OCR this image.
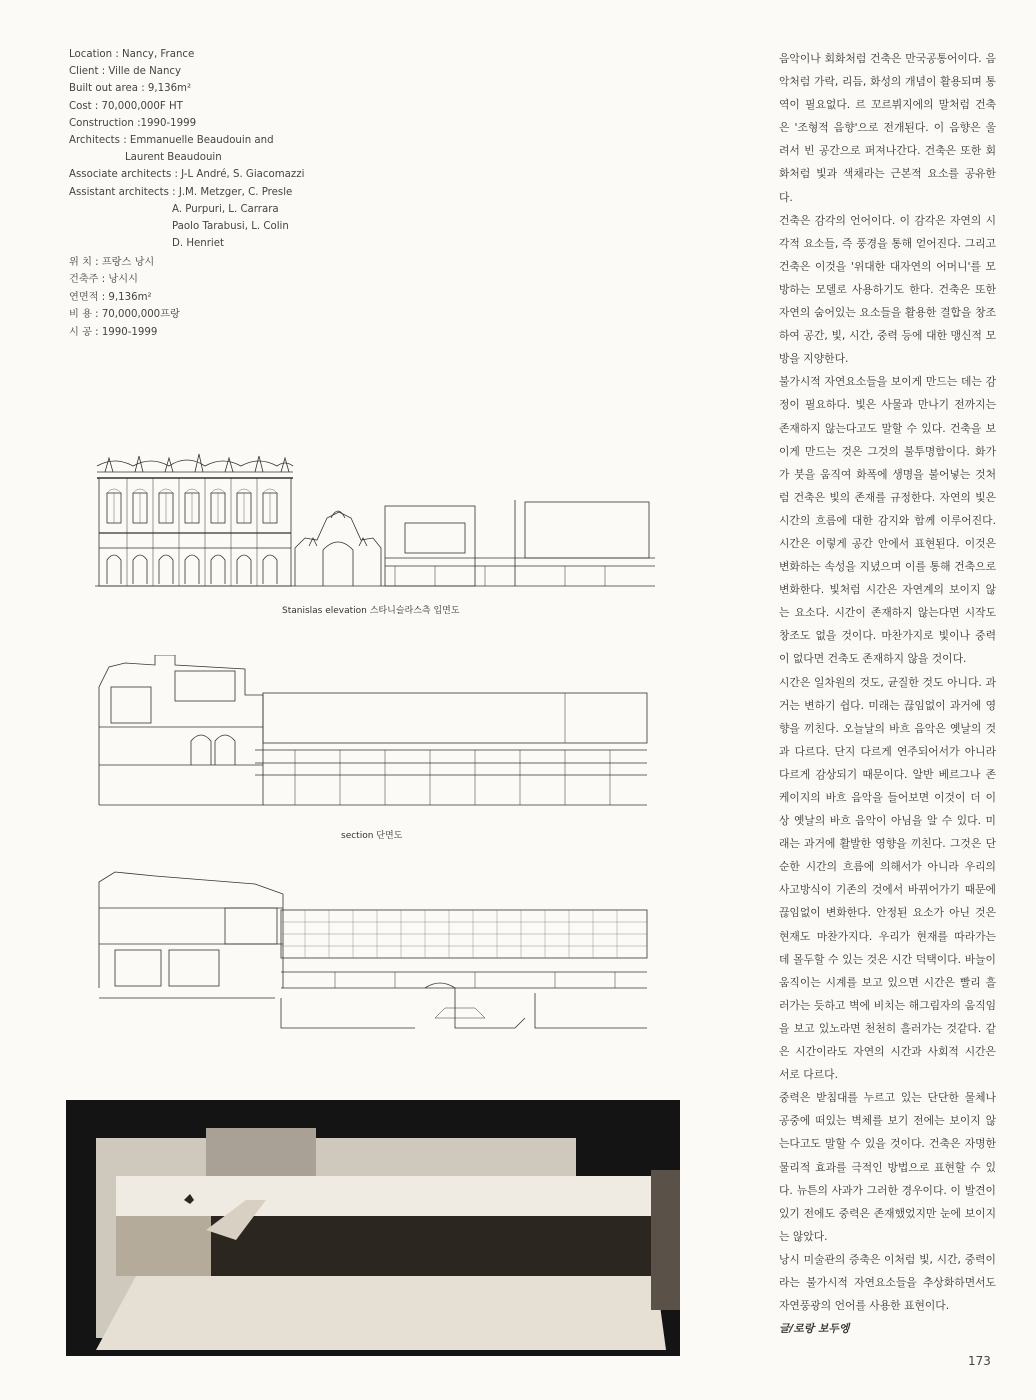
Location : Nancy, France
Client : Ville de Nancy
Built out area : 9,136m²
Cost : 70,000,000F HT
Construction :1990-1999
Architects : Emmanuelle Beaudouin and
Laurent Beaudouin
Associate architects : J-L André, S. Giacomazzi
Assistant architects : J.M. Metzger, C. Presle
A. Purpuri, L. Carrara
Paolo Tarabusi, L. Colin
D. Henriet
위 치 : 프랑스 낭시
건축주 : 낭시시
연면적 : 9,136m²
비 용 : 70,000,000프랑
시 공 : 1990-1999
Stanislas elevation 스타니슬라스측 입면도
section 단면도

음악이나 회화처럼 건축은 만국공통어이다. 음악처럼 가락, 리듬, 화성의 개념이 활용되며 통역이 필요없다. 르 꼬르뷔지에의 말처럼 건축은 '조형적 음향'으로 전개된다. 이 음향은 울려서 빈 공간으로 퍼져나간다. 건축은 또한 회화처럼 빛과 색채라는 근본적 요소를 공유한다.

건축은 감각의 언어이다. 이 감각은 자연의 시각적 요소들, 즉 풍경을 통해 얻어진다. 그리고 건축은 이것을 '위대한 대자연의 어머니'를 모방하는 모델로 사용하기도 한다. 건축은 또한 자연의 숨어있는 요소들을 활용한 결합을 창조하여 공간, 빛, 시간, 중력 등에 대한 맹신적 모방을 지양한다.

불가시적 자연요소들을 보이게 만드는 데는 감정이 필요하다. 빛은 사물과 만나기 전까지는 존재하지 않는다고도 말할 수 있다. 건축을 보이게 만드는 것은 그것의 불투명함이다. 화가가 붓을 움직여 화폭에 생명을 불어넣는 것처럼 건축은 빛의 존재를 규정한다. 자연의 빛은 시간의 흐름에 대한 감지와 함께 이루어진다. 시간은 이렇게 공간 안에서 표현된다. 이것은 변화하는 속성을 지녔으며 이를 통해 건축으로 변화한다. 빛처럼 시간은 자연계의 보이지 않는 요소다. 시간이 존재하지 않는다면 시작도 창조도 없을 것이다. 마찬가지로 빛이나 중력이 없다면 건축도 존재하지 않을 것이다.

시간은 일차원의 것도, 균질한 것도 아니다. 과거는 변하기 쉽다. 미래는 끊임없이 과거에 영향을 끼친다. 오늘날의 바흐 음악은 옛날의 것과 다르다. 단지 다르게 연주되어서가 아니라 다르게 감상되기 때문이다. 알반 베르그나 존 케이지의 바흐 음악을 들어보면 이것이 더 이상 옛날의 바흐 음악이 아님을 알 수 있다. 미래는 과거에 활발한 영향을 끼친다. 그것은 단순한 시간의 흐름에 의해서가 아니라 우리의 사고방식이 기존의 것에서 바뀌어가기 때문에 끊임없이 변화한다. 안정된 요소가 아닌 것은 현재도 마찬가지다. 우리가 현재를 따라가는 데 몰두할 수 있는 것은 시간 덕택이다. 바늘이 움직이는 시계를 보고 있으면 시간은 빨리 흘러가는 듯하고 벽에 비치는 해그림자의 움직임을 보고 있노라면 천천히 흘러가는 것같다. 같은 시간이라도 자연의 시간과 사회적 시간은 서로 다르다.

중력은 받침대를 누르고 있는 단단한 물체나 공중에 떠있는 벽체를 보기 전에는 보이지 않는다고도 말할 수 있을 것이다. 건축은 자명한 물리적 효과를 극적인 방법으로 표현할 수 있다. 뉴튼의 사과가 그러한 경우이다. 이 발견이 있기 전에도 중력은 존재했었지만 눈에 보이지는 않았다.

낭시 미술관의 증축은 이처럼 빛, 시간, 중력이라는 불가시적 자연요소들을 추상화하면서도 자연풍광의 언어를 사용한 표현이다.

글/로랑 보두엥

173
